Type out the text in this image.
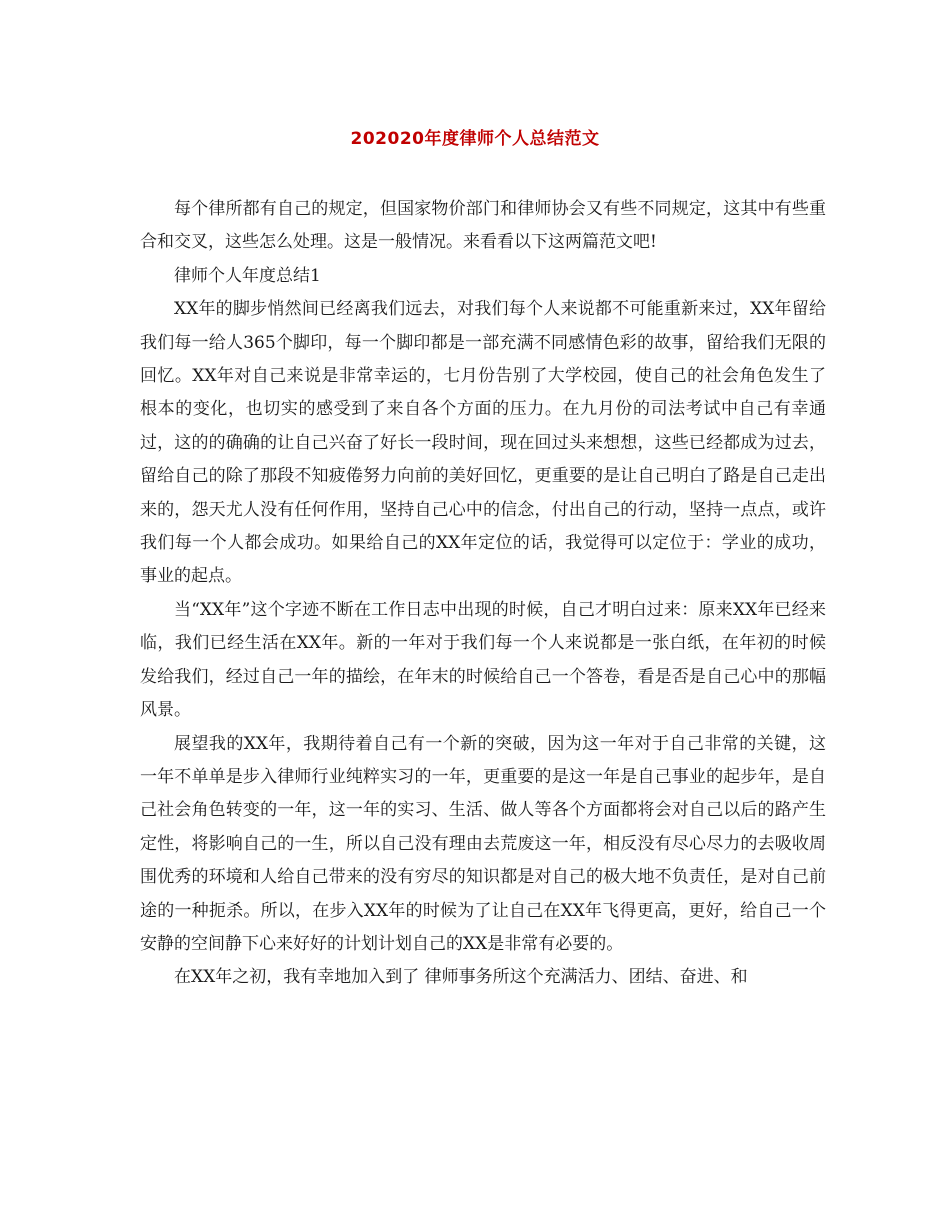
202020年度律师个人总结范文

每个律所都有自己的规定，但国家物价部门和律师协会又有些不同规定，这其中有些重合和交叉，这些怎么处理。这是一般情况。来看看以下这两篇范文吧!

律师个人年度总结1

XX年的脚步悄然间已经离我们远去，对我们每个人来说都不可能重新来过，XX年留给我们每一给人365个脚印，每一个脚印都是一部充满不同感情色彩的故事，留给我们无限的回忆。XX年对自己来说是非常幸运的，七月份告别了大学校园，使自己的社会角色发生了根本的变化，也切实的感受到了来自各个方面的压力。在九月份的司法考试中自己有幸通过，这的的确确的让自己兴奋了好长一段时间，现在回过头来想想，这些已经都成为过去，留给自己的除了那段不知疲倦努力向前的美好回忆，更重要的是让自己明白了路是自己走出来的，怨天尤人没有任何作用，坚持自己心中的信念，付出自己的行动，坚持一点点，或许我们每一个人都会成功。如果给自己的XX年定位的话，我觉得可以定位于：学业的成功，事业的起点。

当“XX年”这个字迹不断在工作日志中出现的时候，自己才明白过来：原来XX年已经来临，我们已经生活在XX年。新的一年对于我们每一个人来说都是一张白纸，在年初的时候发给我们，经过自己一年的描绘，在年末的时候给自己一个答卷，看是否是自己心中的那幅风景。

展望我的XX年，我期待着自己有一个新的突破，因为这一年对于自己非常的关键，这一年不单单是步入律师行业纯粹实习的一年，更重要的是这一年是自己事业的起步年，是自己社会角色转变的一年，这一年的实习、生活、做人等各个方面都将会对自己以后的路产生定性，将影响自己的一生，所以自己没有理由去荒废这一年，相反没有尽心尽力的去吸收周围优秀的环境和人给自己带来的没有穷尽的知识都是对自己的极大地不负责任，是对自己前途的一种扼杀。所以，在步入XX年的时候为了让自己在XX年飞得更高，更好，给自己一个安静的空间静下心来好好的计划计划自己的XX是非常有必要的。

在XX年之初，我有幸地加入到了 律师事务所这个充满活力、团结、奋进、和
